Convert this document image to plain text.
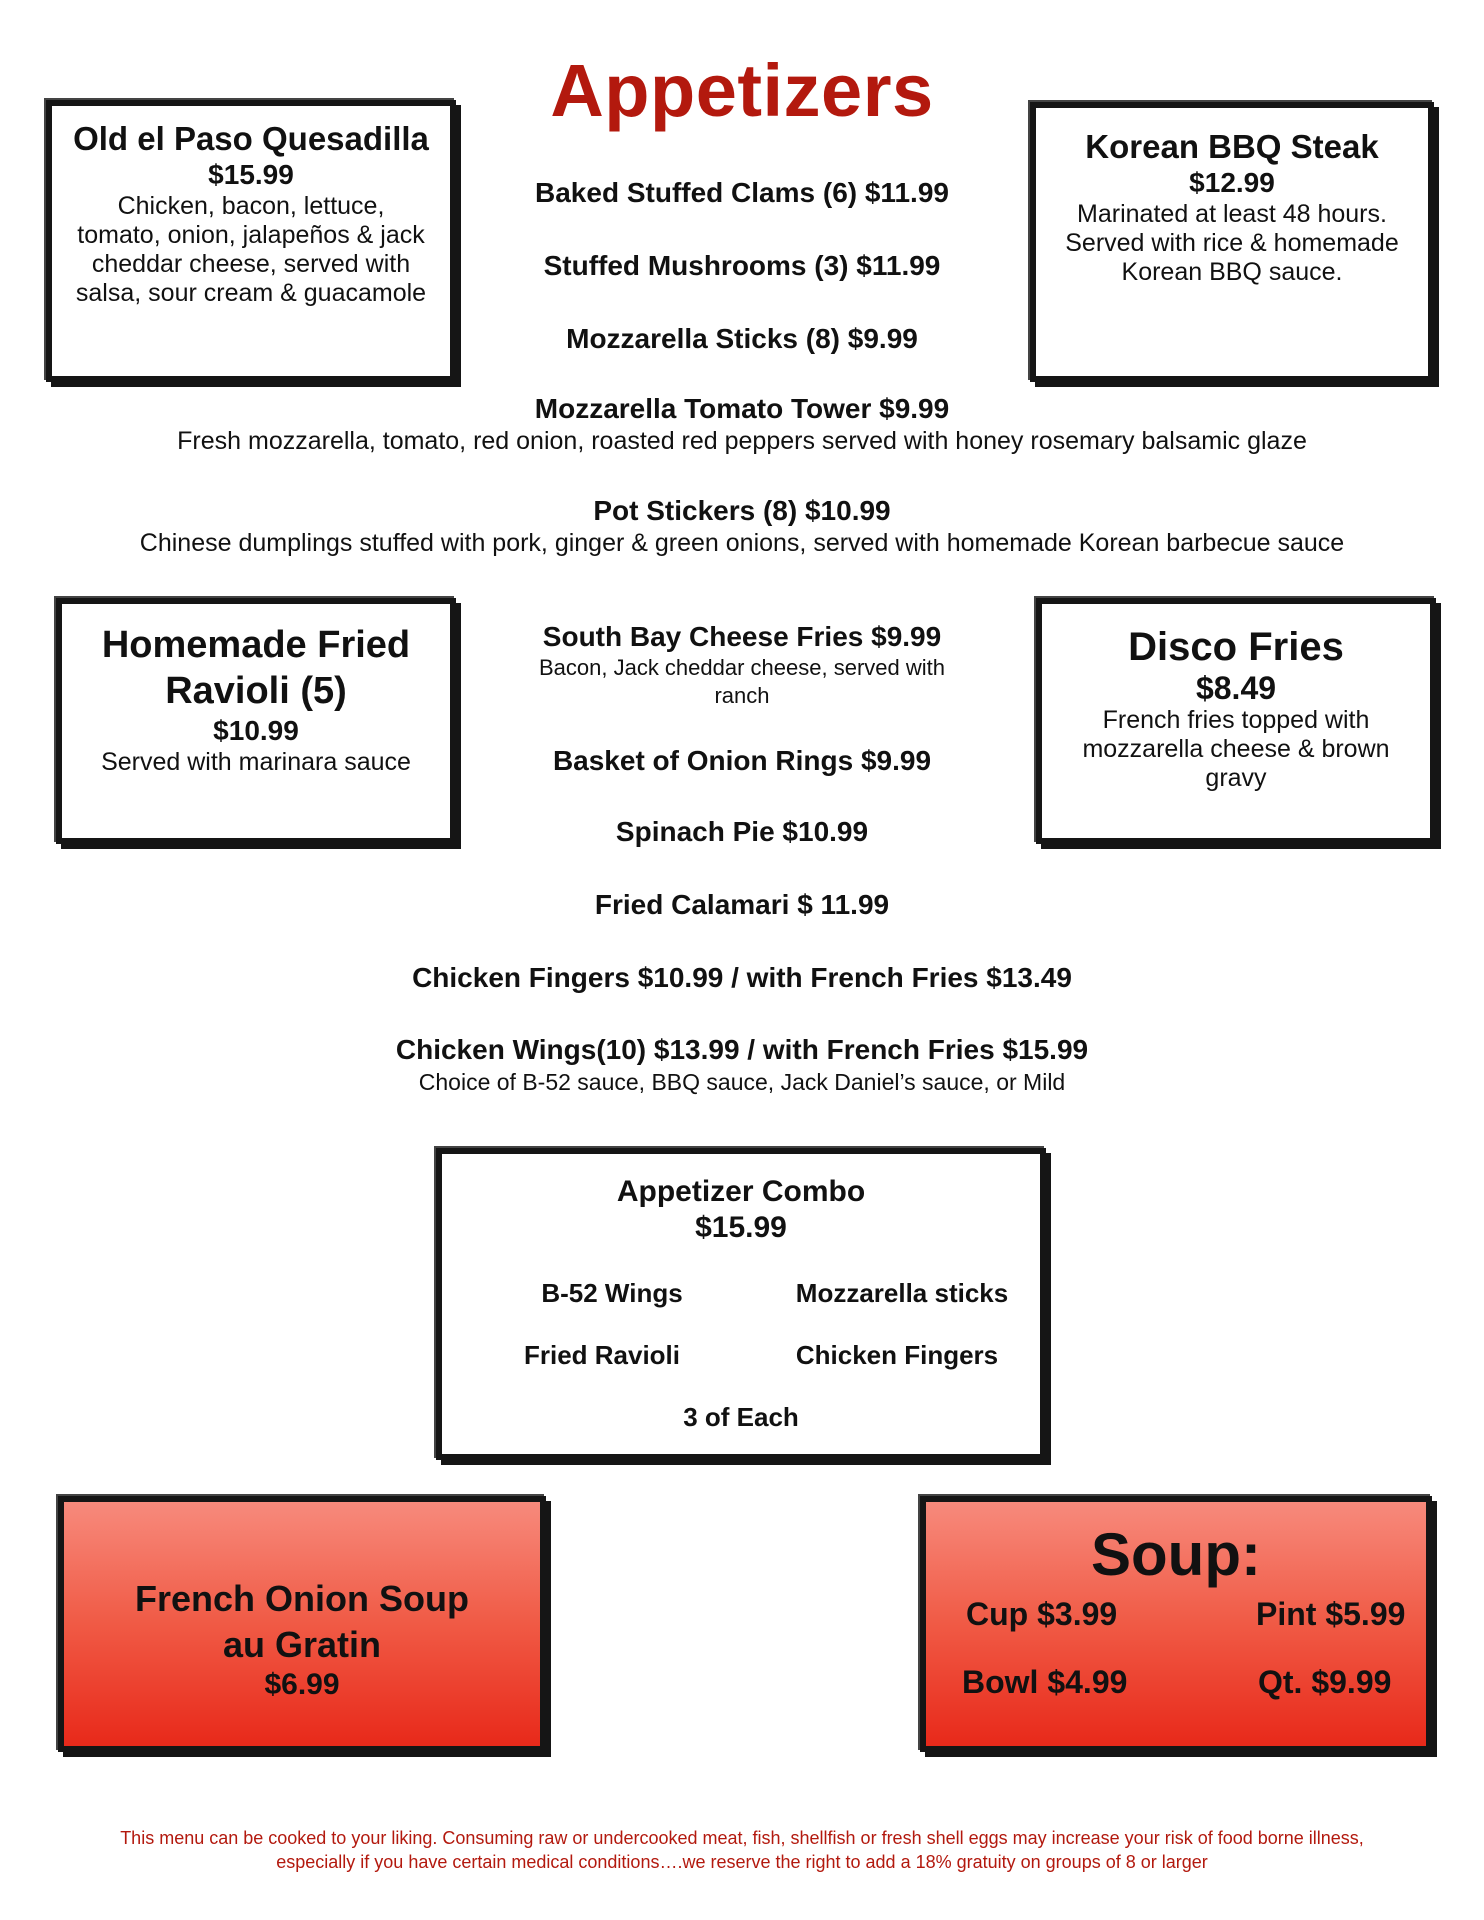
Appetizers
Old el Paso Quesadilla
$15.99
Chicken, bacon, lettuce, tomato, onion, jalapeños & jack cheddar cheese, served with salsa, sour cream & guacamole
Korean BBQ Steak
$12.99
Marinated at least 48 hours. Served with rice & homemade Korean BBQ sauce.
Baked Stuffed Clams (6) $11.99
Stuffed Mushrooms (3) $11.99
Mozzarella Sticks (8) $9.99
Mozzarella Tomato Tower $9.99
Fresh mozzarella, tomato, red onion, roasted red peppers served with honey rosemary balsamic glaze
Pot Stickers (8) $10.99
Chinese dumplings stuffed with pork, ginger & green onions, served with homemade Korean barbecue sauce
Homemade Fried Ravioli (5)
$10.99
Served with marinara sauce
Disco Fries
$8.49
French fries topped with mozzarella cheese & brown gravy
South Bay Cheese Fries $9.99
Bacon, Jack cheddar cheese, served with ranch
Basket of Onion Rings $9.99
Spinach Pie $10.99
Fried Calamari $ 11.99
Chicken Fingers $10.99 / with French Fries $13.49
Chicken Wings(10) $13.99 / with French Fries $15.99
Choice of B-52 sauce, BBQ sauce, Jack Daniel’s sauce, or Mild
Appetizer Combo
$15.99
B-52 Wings	Mozzarella sticks
Fried Ravioli	Chicken Fingers
3 of Each
French Onion Soup au Gratin
$6.99
Soup:
Cup $3.99	Pint $5.99
Bowl $4.99	Qt. $9.99
This menu can be cooked to your liking. Consuming raw or undercooked meat, fish, shellfish or fresh shell eggs may increase your risk of food borne illness,
especially if you have certain medical conditions….we reserve the right to add a 18% gratuity on groups of 8 or larger
